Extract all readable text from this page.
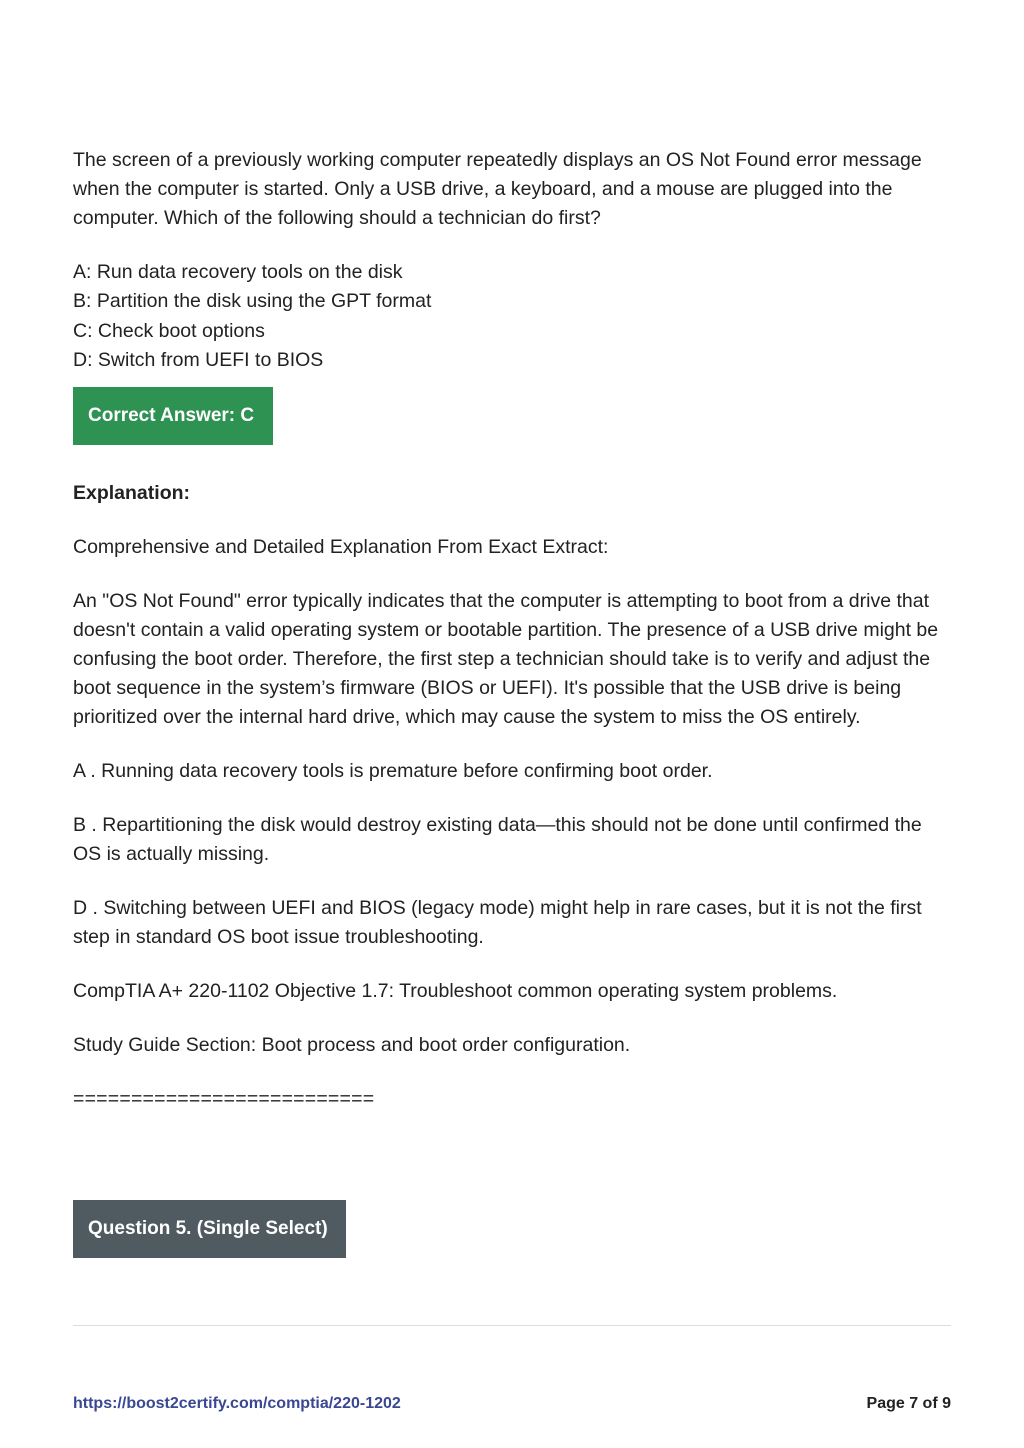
The screen of a previously working computer repeatedly displays an OS Not Found error message when the computer is started. Only a USB drive, a keyboard, and a mouse are plugged into the computer. Which of the following should a technician do first?

A: Run data recovery tools on the disk
B: Partition the disk using the GPT format
C: Check boot options
D: Switch from UEFI to BIOS
Correct Answer: C

Explanation:

Comprehensive and Detailed Explanation From Exact Extract:

An "OS Not Found" error typically indicates that the computer is attempting to boot from a drive that doesn't contain a valid operating system or bootable partition. The presence of a USB drive might be confusing the boot order. Therefore, the first step a technician should take is to verify and adjust the boot sequence in the system’s firmware (BIOS or UEFI). It's possible that the USB drive is being prioritized over the internal hard drive, which may cause the system to miss the OS entirely.

A . Running data recovery tools is premature before confirming boot order.

B . Repartitioning the disk would destroy existing data—this should not be done until confirmed the OS is actually missing.

D . Switching between UEFI and BIOS (legacy mode) might help in rare cases, but it is not the first step in standard OS boot issue troubleshooting.

CompTIA A+ 220-1102 Objective 1.7: Troubleshoot common operating system problems.

Study Guide Section: Boot process and boot order configuration.

==========================

Question 5. (Single Select)
https://boost2certify.com/comptia/220-1202	Page 7 of 9
